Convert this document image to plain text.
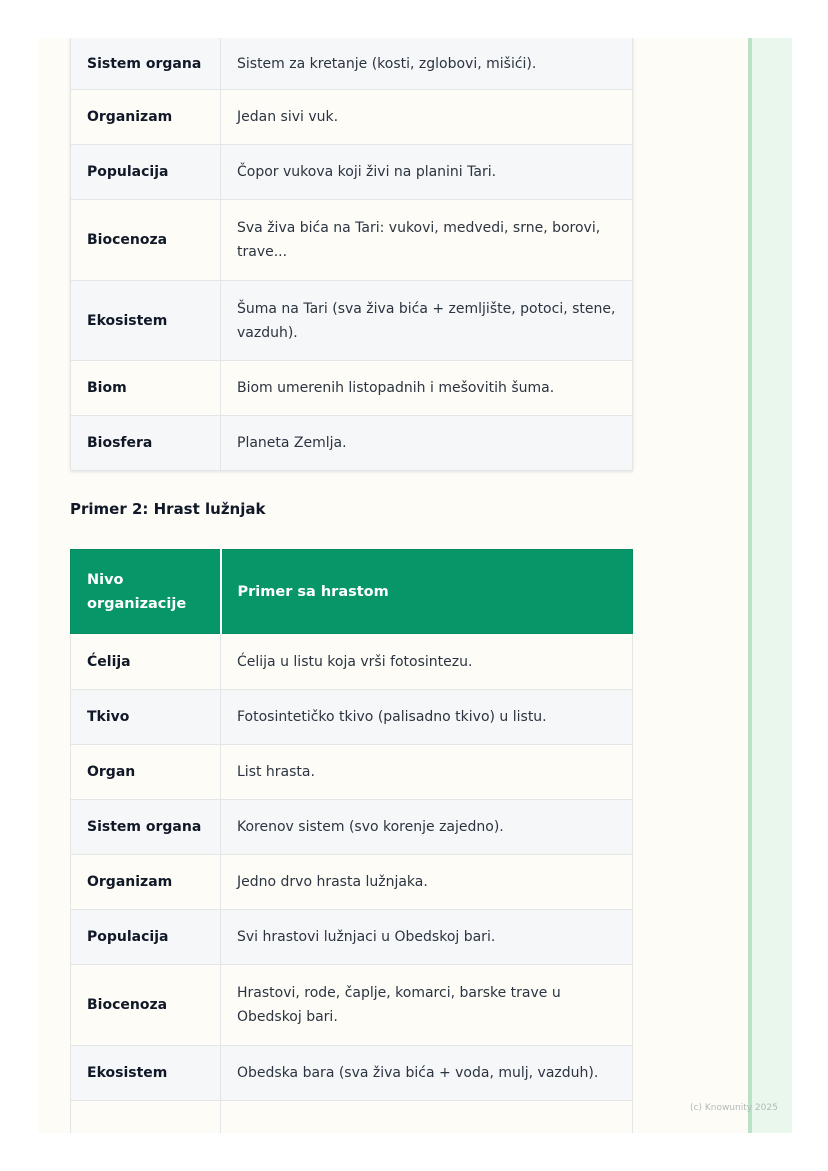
Sistem organa	Sistem za kretanje (kosti, zglobovi, mišići).
Organizam	Jedan sivi vuk.
Populacija	Čopor vukova koji živi na planini Tari.
Biocenoza	Sva živa bića na Tari: vukovi, medvedi, srne, borovi, trave...
Ekosistem	Šuma na Tari (sva živa bića + zemljište, potoci, stene, vazduh).
Biom	Biom umerenih listopadnih i mešovitih šuma.
Biosfera	Planeta Zemlja.
Primer 2: Hrast lužnjak
Nivo organizacije	Primer sa hrastom
Ćelija	Ćelija u listu koja vrši fotosintezu.
Tkivo	Fotosintetičko tkivo (palisadno tkivo) u listu.
Organ	List hrasta.
Sistem organa	Korenov sistem (svo korenje zajedno).
Organizam	Jedno drvo hrasta lužnjaka.
Populacija	Svi hrastovi lužnjaci u Obedskoj bari.
Biocenoza	Hrastovi, rode, čaplje, komarci, barske trave u Obedskoj bari.
Ekosistem	Obedska bara (sva živa bića + voda, mulj, vazduh).

(c) Knowunity 2025
